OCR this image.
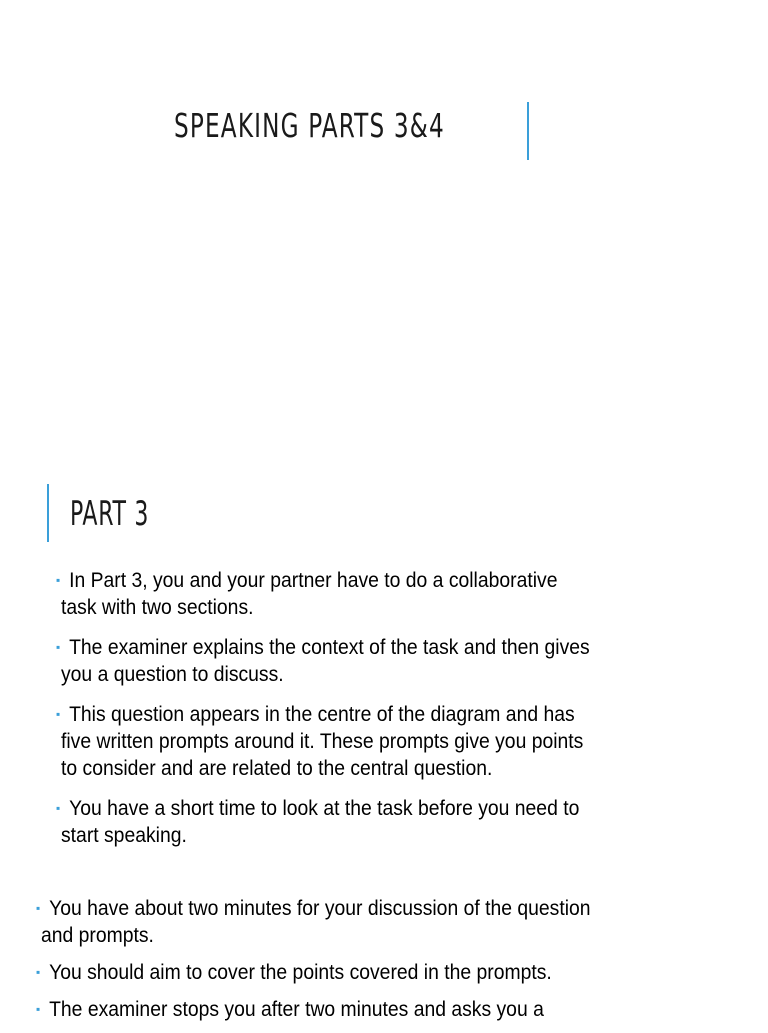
SPEAKING PARTS 3&4
PART 3
▪ In Part 3, you and your partner have to do a collaborative
task with two sections.
▪ The examiner explains the context of the task and then gives
you a question to discuss.
▪ This question appears in the centre of the diagram and has
five written prompts around it. These prompts give you points
to consider and are related to the central question.
▪ You have a short time to look at the task before you need to
start speaking.
▪ You have about two minutes for your discussion of the question
and prompts.
▪ You should aim to cover the points covered in the prompts.
▪ The examiner stops you after two minutes and asks you a
